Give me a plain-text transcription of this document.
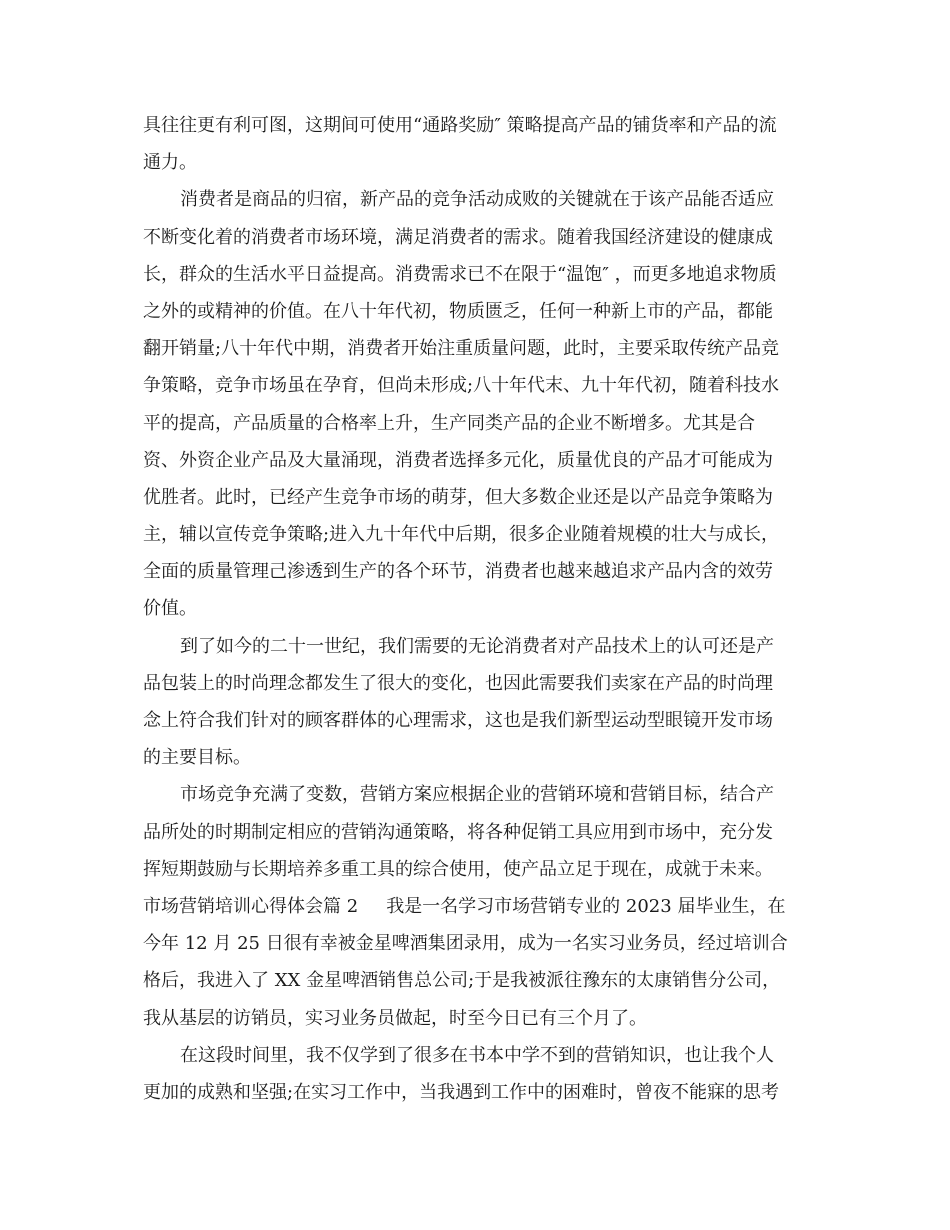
具往往更有利可图，这期间可使用“通路奖励″ 策略提高产品的铺货率和产品的流
通力。
消费者是商品的归宿，新产品的竞争活动成败的关键就在于该产品能否适应
不断变化着的消费者市场环境，满足消费者的需求。随着我国经济建设的健康成
长，群众的生活水平日益提高。消费需求已不在限于“温饱″ ，而更多地追求物质
之外的或精神的价值。在八十年代初，物质匮乏，任何一种新上市的产品，都能
翻开销量;八十年代中期，消费者开始注重质量问题，此时，主要采取传统产品竞
争策略，竞争市场虽在孕育，但尚未形成;八十年代末、九十年代初，随着科技水
平的提高，产品质量的合格率上升，生产同类产品的企业不断增多。尤其是合
资、外资企业产品及大量涌现，消费者选择多元化，质量优良的产品才可能成为
优胜者。此时，已经产生竞争市场的萌芽，但大多数企业还是以产品竞争策略为
主，辅以宣传竞争策略;进入九十年代中后期，很多企业随着规模的壮大与成长，
全面的质量管理己渗透到生产的各个环节，消费者也越来越追求产品内含的效劳
价值。
到了如今的二十一世纪，我们需要的无论消费者对产品技术上的认可还是产
品包装上的时尚理念都发生了很大的变化，也因此需要我们卖家在产品的时尚理
念上符合我们针对的顾客群体的心理需求，这也是我们新型运动型眼镜开发市场
的主要目标。
市场竞争充满了变数，营销方案应根据企业的营销环境和营销目标，结合产
品所处的时期制定相应的营销沟通策略，将各种促销工具应用到市场中，充分发
挥短期鼓励与长期培养多重工具的综合使用，使产品立足于现在，成就于未来。
市场营销培训心得体会篇 2 我是一名学习市场营销专业的 2023 届毕业生，在
今年 12 月 25 日很有幸被金星啤酒集团录用，成为一名实习业务员，经过培训合
格后，我进入了 XX 金星啤酒销售总公司;于是我被派往豫东的太康销售分公司，
我从基层的访销员，实习业务员做起，时至今日已有三个月了。
在这段时间里，我不仅学到了很多在书本中学不到的营销知识，也让我个人
更加的成熟和坚强;在实习工作中，当我遇到工作中的困难时，曾夜不能寐的思考
